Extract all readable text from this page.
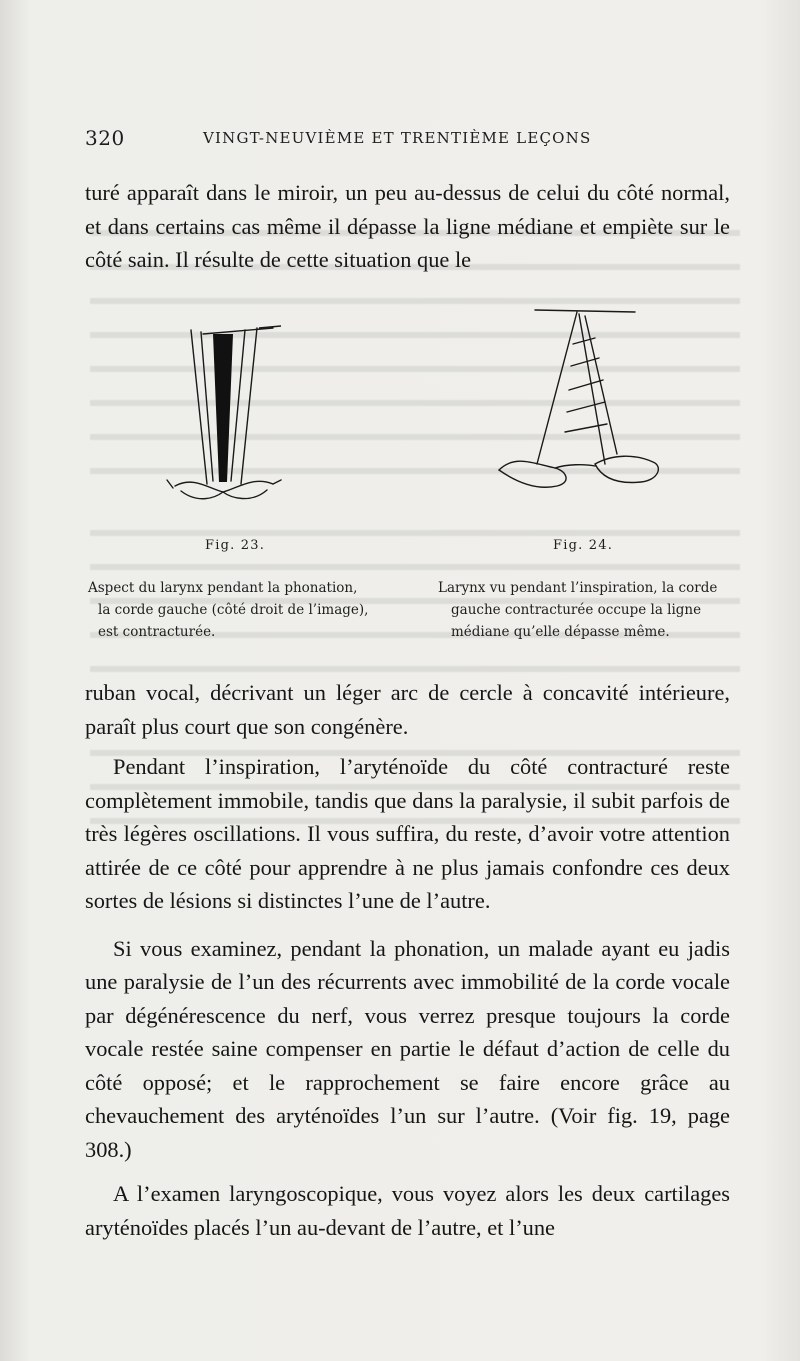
320	VINGT-NEUVIÈME ET TRENTIÈME LEÇONS

turé apparaît dans le miroir, un peu au-dessus de celui du côté normal, et dans certains cas même il dépasse la ligne médiane et empiète sur le côté sain. Il résulte de cette situation que le

Fig. 23.	Fig. 24.
Aspect du larynx pendant la phonation,
la corde gauche (côté droit de l’image),
est contracturée.
Larynx vu pendant l’inspiration, la corde
gauche contracturée occupe la ligne
médiane qu’elle dépasse même.

ruban vocal, décrivant un léger arc de cercle à concavité intérieure, paraît plus court que son congénère.

Pendant l’inspiration, l’aryténoïde du côté contracturé reste complètement immobile, tandis que dans la paralysie, il subit parfois de très légères oscillations. Il vous suffira, du reste, d’avoir votre attention attirée de ce côté pour apprendre à ne plus jamais confondre ces deux sortes de lésions si distinctes l’une de l’autre.

Si vous examinez, pendant la phonation, un malade ayant eu jadis une paralysie de l’un des récurrents avec immobilité de la corde vocale par dégénérescence du nerf, vous verrez presque toujours la corde vocale restée saine compenser en partie le défaut d’action de celle du côté opposé; et le rapprochement se faire encore grâce au chevauchement des aryténoïdes l’un sur l’autre. (Voir fig. 19, page 308.)

A l’examen laryngoscopique, vous voyez alors les deux cartilages aryténoïdes placés l’un au-devant de l’autre, et l’une
